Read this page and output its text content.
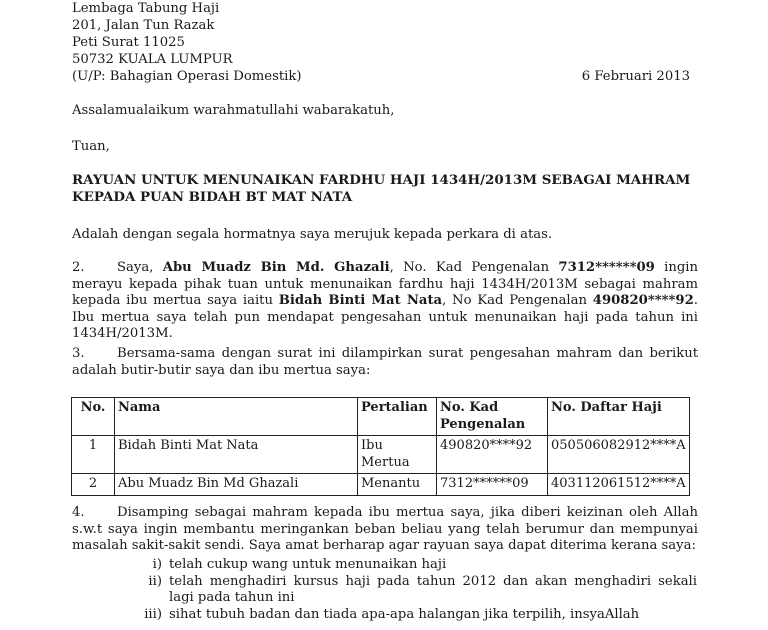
Lembaga Tabung Haji
201, Jalan Tun Razak
Peti Surat 11025
50732 KUALA LUMPUR
(U/P: Bahagian Operasi Domestik)	6 Februari 2013
Assalamualaikum warahmatullahi wabarakatuh,
Tuan,
RAYUAN UNTUK MENUNAIKAN FARDHU HAJI 1434H/2013M SEBAGAI MAHRAM
KEPADA PUAN BIDAH BT MAT NATA
Adalah dengan segala hormatnya saya merujuk kepada perkara di atas.
2. Saya, Abu Muadz Bin Md. Ghazali, No. Kad Pengenalan 7312******09 ingin merayu kepada pihak tuan untuk menunaikan fardhu haji 1434H/2013M sebagai mahram kepada ibu mertua saya iaitu Bidah Binti Mat Nata, No Kad Pengenalan 490820****92. Ibu mertua saya telah pun mendapat pengesahan untuk menunaikan haji pada tahun ini 1434H/2013M.
3. Bersama-sama dengan surat ini dilampirkan surat pengesahan mahram dan berikut adalah butir-butir saya dan ibu mertua saya:
No.	Nama	Pertalian	No. Kad Pengenalan	No. Daftar Haji
1	Bidah Binti Mat Nata	Ibu Mertua	490820****92	050506082912****A
2	Abu Muadz Bin Md Ghazali	Menantu	7312******09	403112061512****A
4. Disamping sebagai mahram kepada ibu mertua saya, jika diberi keizinan oleh Allah s.w.t saya ingin membantu meringankan beban beliau yang telah berumur dan mempunyai masalah sakit-sakit sendi. Saya amat berharap agar rayuan saya dapat diterima kerana saya:
i) telah cukup wang untuk menunaikan haji
ii) telah menghadiri kursus haji pada tahun 2012 dan akan menghadiri sekali lagi pada tahun ini
iii) sihat tubuh badan dan tiada apa-apa halangan jika terpilih, insyaAllah
